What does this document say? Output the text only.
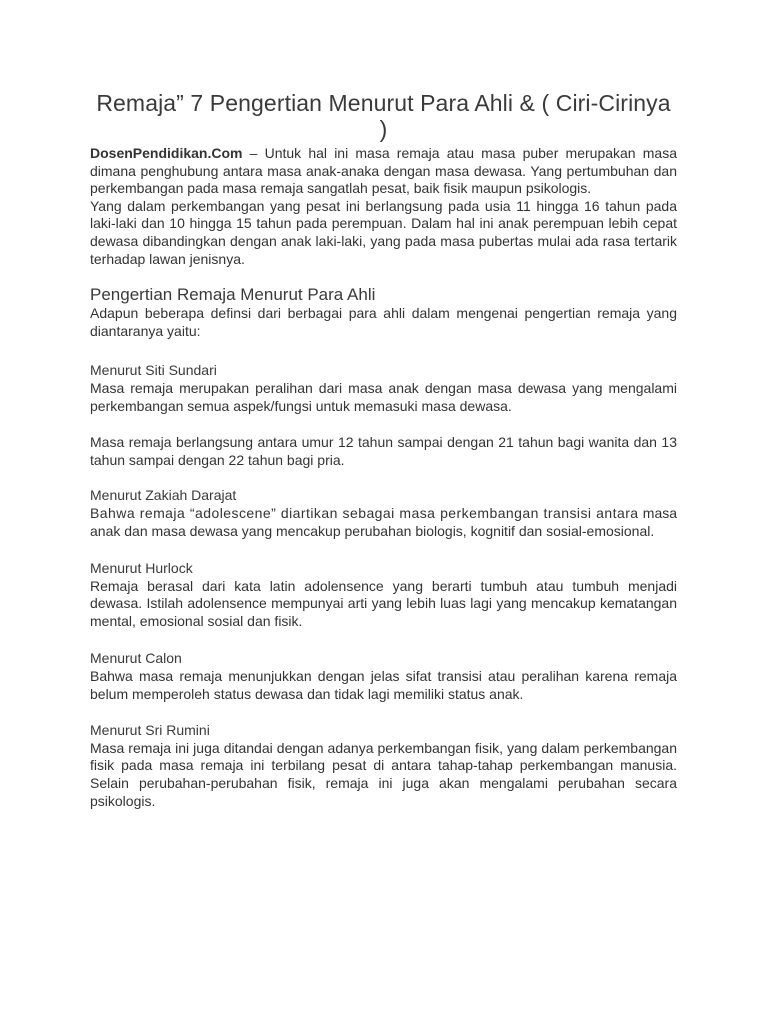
Remaja” 7 Pengertian Menurut Para Ahli & ( Ciri-Cirinya )

DosenPendidikan.Com – Untuk hal ini masa remaja atau masa puber merupakan masa dimana penghubung antara masa anak-anaka dengan masa dewasa. Yang pertumbuhan dan perkembangan pada masa remaja sangatlah pesat, baik fisik maupun psikologis.

Yang dalam perkembangan yang pesat ini berlangsung pada usia 11 hingga 16 tahun pada laki-laki dan 10 hingga 15 tahun pada perempuan. Dalam hal ini anak perempuan lebih cepat dewasa dibandingkan dengan anak laki-laki, yang pada masa pubertas mulai ada rasa tertarik terhadap lawan jenisnya.

Pengertian Remaja Menurut Para Ahli

Adapun beberapa definsi dari berbagai para ahli dalam mengenai pengertian remaja yang diantaranya yaitu:

Menurut Siti Sundari

Masa remaja merupakan peralihan dari masa anak dengan masa dewasa yang mengalami perkembangan semua aspek/fungsi untuk memasuki masa dewasa.

Masa remaja berlangsung antara umur 12 tahun sampai dengan 21 tahun bagi wanita dan 13 tahun sampai dengan 22 tahun bagi pria.

Menurut Zakiah Darajat

Bahwa remaja “adolescene” diartikan sebagai masa perkembangan transisi antara masa anak dan masa dewasa yang mencakup perubahan biologis, kognitif dan sosial-emosional.

Menurut Hurlock

Remaja berasal dari kata latin adolensence yang berarti tumbuh atau tumbuh menjadi dewasa. Istilah adolensence mempunyai arti yang lebih luas lagi yang mencakup kematangan mental, emosional sosial dan fisik.

Menurut Calon

Bahwa masa remaja menunjukkan dengan jelas sifat transisi atau peralihan karena remaja belum memperoleh status dewasa dan tidak lagi memiliki status anak.

Menurut Sri Rumini

Masa remaja ini juga ditandai dengan adanya perkembangan fisik, yang dalam perkembangan fisik pada masa remaja ini terbilang pesat di antara tahap-tahap perkembangan manusia. Selain perubahan-perubahan fisik, remaja ini juga akan mengalami perubahan secara psikologis.
